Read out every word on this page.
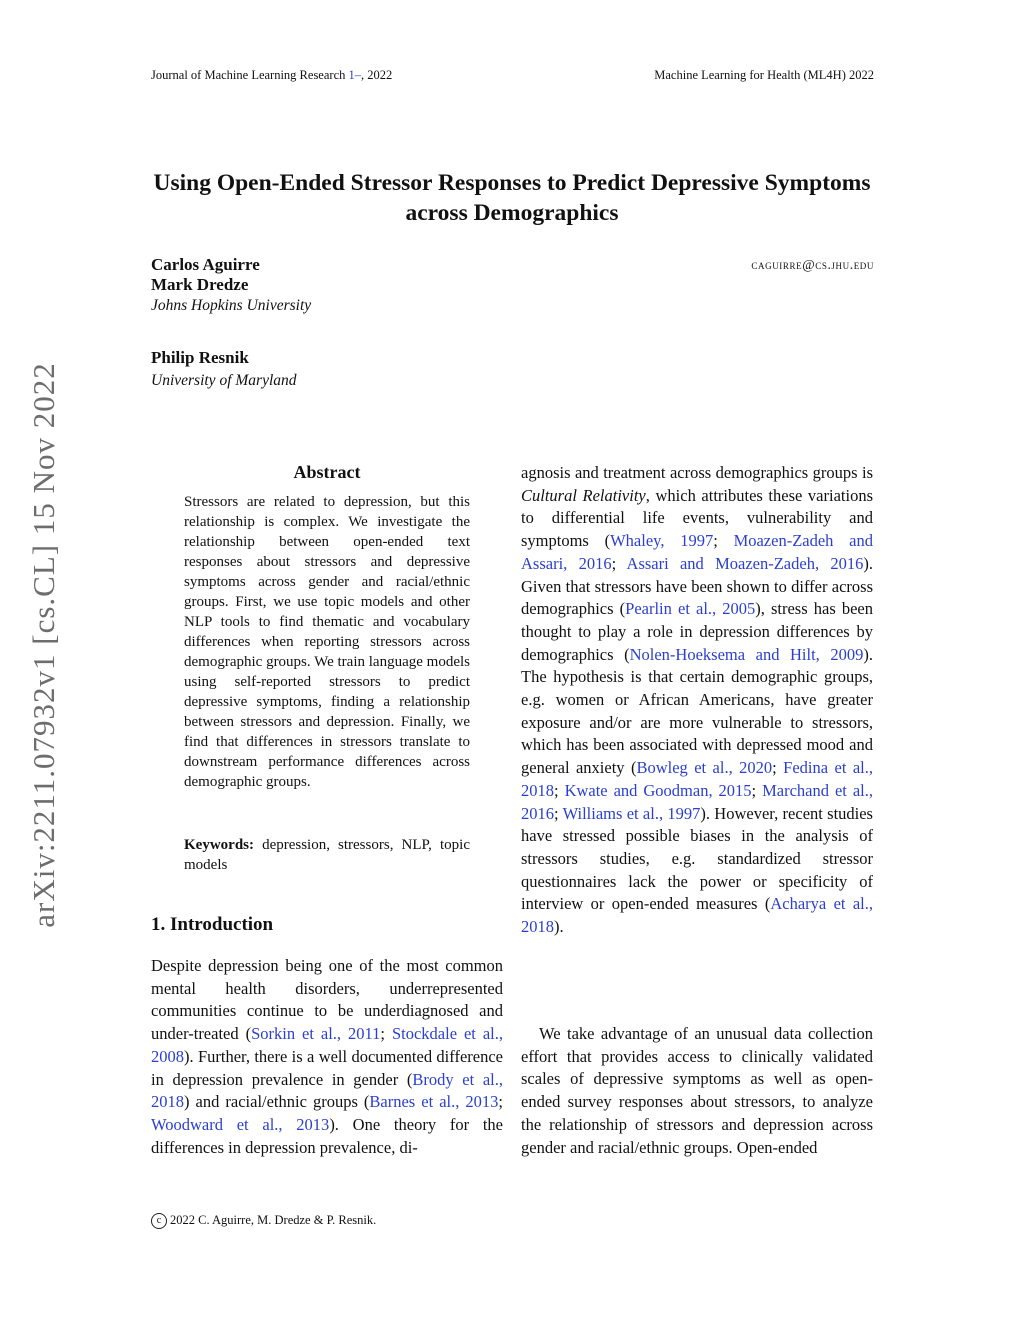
Journal of Machine Learning Research 1–, 2022	Machine Learning for Health (ML4H) 2022
Using Open-Ended Stressor Responses to Predict Depressive Symptoms across Demographics
Carlos Aguirre
Mark Dredze
Johns Hopkins University
caguirre@cs.jhu.edu
Philip Resnik
University of Maryland
arXiv:2211.07932v1 [cs.CL] 15 Nov 2022	Abstract
Stressors are related to depression, but this relationship is complex. We investigate the relationship between open-ended text responses about stressors and depressive symptoms across gender and racial/ethnic groups. First, we use topic models and other NLP tools to find thematic and vocabulary differences when reporting stressors across demographic groups. We train language models using self-reported stressors to predict depressive symptoms, finding a relationship between stressors and depression. Finally, we find that differences in stressors translate to downstream performance differences across demographic groups.
Keywords: depression, stressors, NLP, topic models
1. Introduction
Despite depression being one of the most common mental health disorders, underrepresented communities continue to be underdiagnosed and under-treated (Sorkin et al., 2011; Stockdale et al., 2008). Further, there is a well documented difference in depression prevalence in gender (Brody et al., 2018) and racial/ethnic groups (Barnes et al., 2013; Woodward et al., 2013). One theory for the differences in depression prevalence, di-
agnosis and treatment across demographics groups is Cultural Relativity, which attributes these variations to differential life events, vulnerability and symptoms (Whaley, 1997; Moazen-Zadeh and Assari, 2016; Assari and Moazen-Zadeh, 2016). Given that stressors have been shown to differ across demographics (Pearlin et al., 2005), stress has been thought to play a role in depression differences by demographics (Nolen-Hoeksema and Hilt, 2009). The hypothesis is that certain demographic groups, e.g. women or African Americans, have greater exposure and/or are more vulnerable to stressors, which has been associated with depressed mood and general anxiety (Bowleg et al., 2020; Fedina et al., 2018; Kwate and Goodman, 2015; Marchand et al., 2016; Williams et al., 1997). However, recent studies have stressed possible biases in the analysis of stressors studies, e.g. standardized stressor questionnaires lack the power or specificity of interview or open-ended measures (Acharya et al., 2018).
We take advantage of an unusual data collection effort that provides access to clinically validated scales of depressive symptoms as well as open-ended survey responses about stressors, to analyze the relationship of stressors and depression across gender and racial/ethnic groups. Open-ended
c 2022 C. Aguirre, M. Dredze & P. Resnik.
